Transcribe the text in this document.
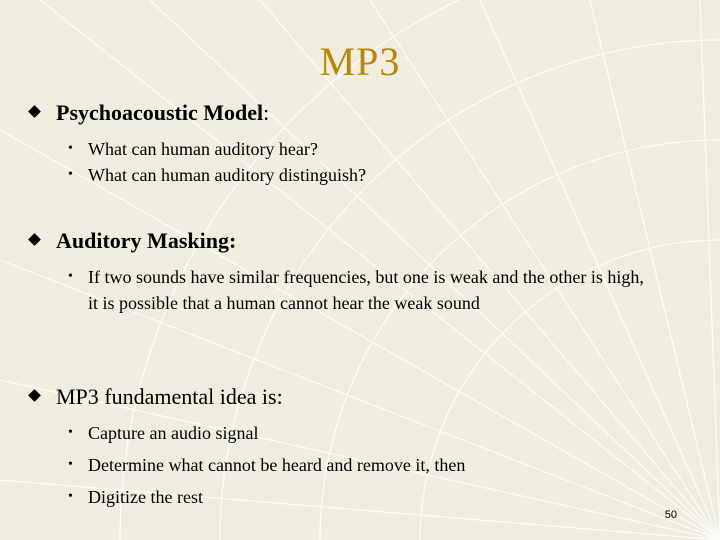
MP3
Psychoacoustic Model:
• What can human auditory hear?
• What can human auditory distinguish?
Auditory Masking:
• If two sounds have similar frequencies, but one is weak and the other is high, it is possible that a human cannot hear the weak sound
MP3 fundamental idea is:
• Capture an audio signal
• Determine what cannot be heard and remove it, then
• Digitize the rest
50
